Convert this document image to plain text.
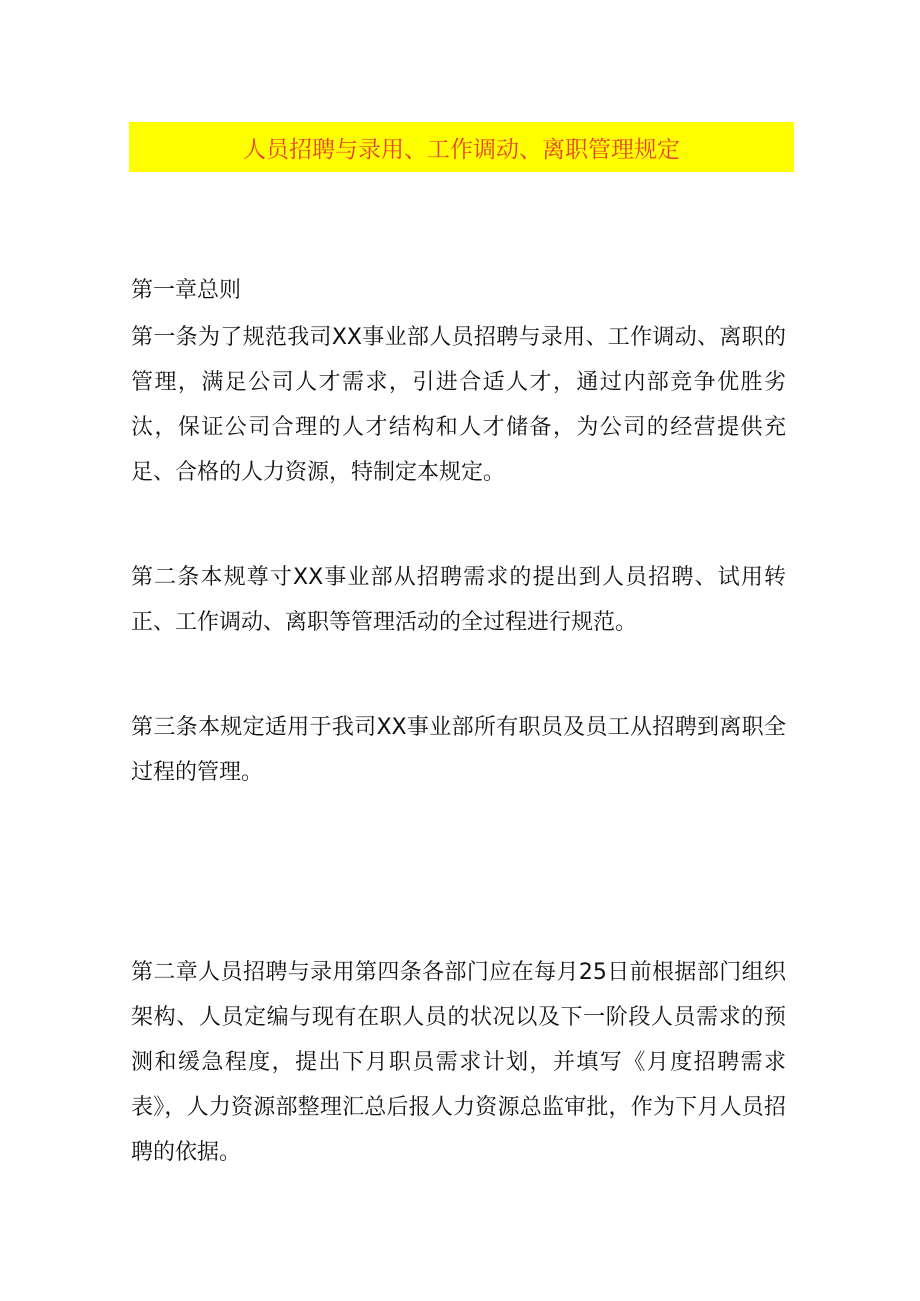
人员招聘与录用、工作调动、离职管理规定

第一章总则

第一条为了规范我司XX事业部人员招聘与录用、工作调动、离职的管理，满足公司人才需求，引进合适人才，通过内部竞争优胜劣汰，保证公司合理的人才结构和人才储备，为公司的经营提供充足、合格的人力资源，特制定本规定。

第二条本规尊寸XX事业部从招聘需求的提出到人员招聘、试用转正、工作调动、离职等管理活动的全过程进行规范。

第三条本规定适用于我司XX事业部所有职员及员工从招聘到离职全过程的管理。

第二章人员招聘与录用第四条各部门应在每月25日前根据部门组织架构、人员定编与现有在职人员的状况以及下一阶段人员需求的预测和缓急程度，提出下月职员需求计划，并填写《月度招聘需求表》，人力资源部整理汇总后报人力资源总监审批，作为下月人员招聘的依据。
